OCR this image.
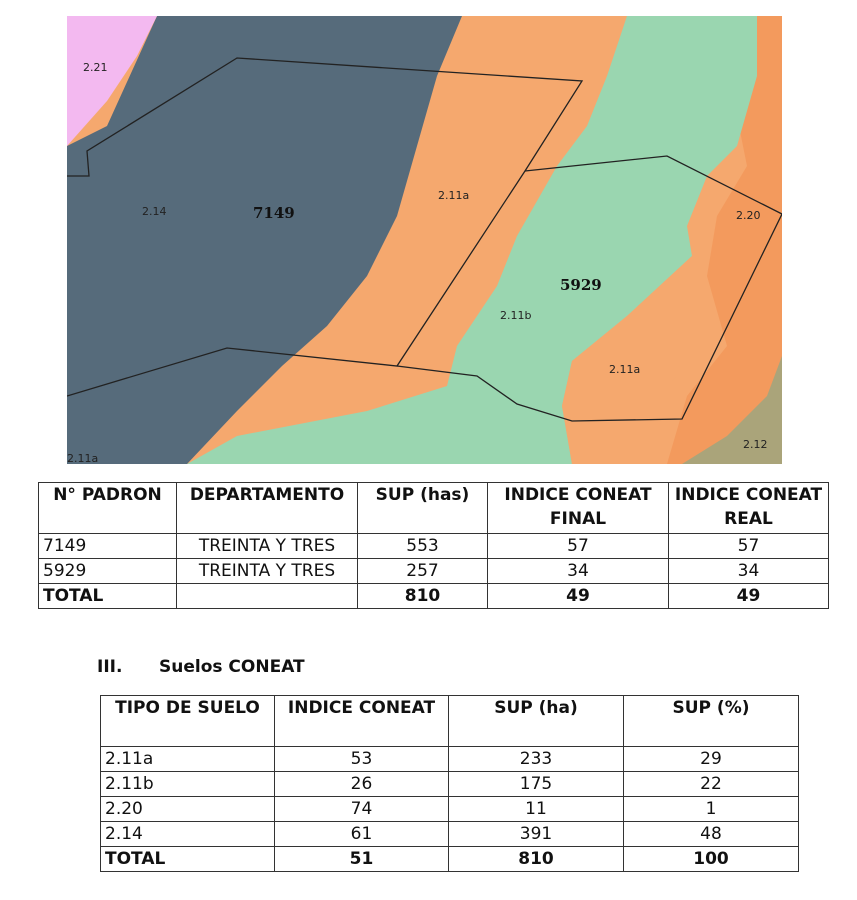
2.21
2.14
2.11a
2.11b
2.20
2.11a
2.11a
2.12
7149
5929
N° PADRON	DEPARTAMENTO	SUP (has)	INDICE CONEAT FINAL	INDICE CONEAT REAL
7149	TREINTA Y TRES	553	57	57
5929	TREINTA Y TRES	257	34	34
TOTAL		810	49	49
III. Suelos CONEAT
TIPO DE SUELO	INDICE CONEAT	SUP (ha)	SUP (%)
2.11a	53	233	29
2.11b	26	175	22
2.20	74	11	1
2.14	61	391	48
TOTAL	51	810	100
